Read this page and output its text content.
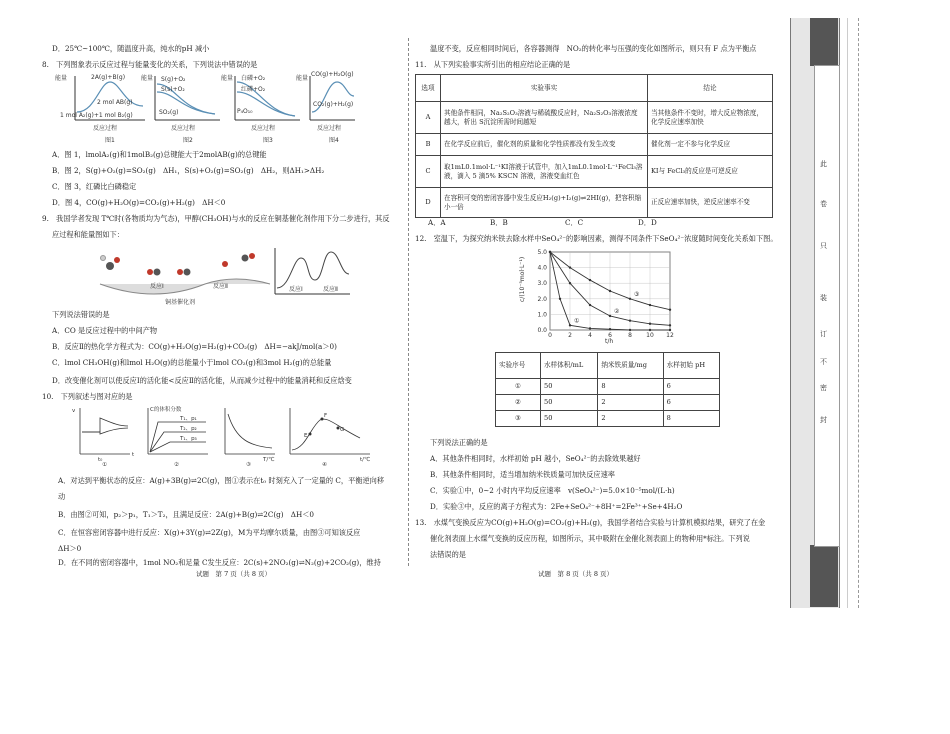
D．25℃~100℃，随温度升高，纯水的pH 减小
8.　下列图象表示反应过程与能量变化的关系，下列说法中错误的是
能量	2A(g)+B(g)
2 mol AB(g)
1 mol A₂(g)+1 mol B₂(g)
反应过程
图1
能量 S(g)+O₂
S(s)+O₂
SO₂(g)
反应过程
图2
能量 白磷+O₂
红磷+O₂
P₄O₁₀
反应过程
图3
能量
CO(g)+H₂O(g)
CO₂(g)+H₂(g)
反应过程
图4
A．图 1，lmolA₂(g)和1molB₂(g)总键能大于2molAB(g)的总键能
B．图 2，S(g)+O₂(g)=SO₂(g)　ΔH₁，S(s)+O₂(g)=SO₂(g)　ΔH₂，则ΔH₁>ΔH₂
C．图 3，红磷比白磷稳定
D．图 4，CO(g)+H₂O(g)=CO₂(g)+H₂(g)　ΔH＜0
9.　我国学者发现 T℃时(各物质均为气态)，甲醇(CH₃OH)与水的反应在铜基催化剂作用下分二步进行，其反
应过程和能量图如下：
反应Ⅰ	反应Ⅱ
铜基催化剂
反应Ⅰ	反应Ⅱ
下列说法错误的是
A．CO 是反应过程中的中间产物
B．反应Ⅱ的热化学方程式为：CO(g)+H₂O(g)=H₂(g)+CO₂(g)　ΔH=−akJ/mol(a＞0)
C．lmol CH₃OH(g)和lmol H₂O(g)的总能量小于lmol CO₂(g)和3mol H₂(g)的总能量
D．改变催化剂可以使反应Ⅰ的活化能<反应Ⅱ的活化能，从而减少过程中的能量消耗和反应焓变
10.　下列叙述与图对应的是
v
t
t₀
①
C的体积分数
T₁、p₁
T₂、p₂
T₁、p₃
②
T/℃
③
E
F
G
t/℃
④
A．对达到平衡状态的反应：A(g)+3B(g)⇌2C(g)，图①表示在t₀ 时刻充入了一定量的 C，平衡逆向移
动
B．由图②可知，p₂＞p₁，T₁＞T₂，且满足反应：2A(g)+B(g)⇌2C(g)　ΔH＜0
C．在恒容密闭容器中进行反应：X(g)+3Y(g)⇌2Z(g)，M为平均摩尔质量，由图③可知该反应
ΔH＞0
D．在不同的密闭容器中，1mol NO₂和足量 C发生反应：2C(s)+2NO₂(g)⇌N₂(g)+2CO₂(g)，维持
试题　第 7 页（共 8 页）
温度不变，反应相同时间后，各容器测得　NO₂的转化率与压强的变化如图所示，则只有 F 点为平衡点
11.　从下列实验事实所引出的相应结论正确的是
选项	实验事实	结论
A	其他条件相同，Na₂S₂O₃溶液与稀硫酸反应时，Na₂S₂O₃溶液浓度越大，析出 S沉淀所需时间越短	当其他条件不变时，增大反应物浓度，化学反应速率加快
B	在化学反应前后，催化剂的质量和化学性质都没有发生改变	催化剂一定不参与化学反应
C	取1mL0.1mol·L⁻¹KI溶液于试管中，加入1mL0.1mol·L⁻¹FeCl₃溶液，滴入 5 滴5% KSCN 溶液，溶液变血红色	KI与 FeCl₃的反应是可逆反应
D	在容积可变的密闭容器中发生反应H₂(g)+I₂(g)⇌2HI(g)，把容积缩小一倍	正反应速率加快，逆反应速率不变
A．A	B．B	C．C	D．D
12.　室温下，为探究纳米铁去除水样中SeO₄²⁻的影响因素，测得不同条件下SeO₄²⁻浓度随时间变化关系如下图。
①
②
③
0.0
1.0
2.0
3.0
4.0
5.0
0	2	4	6	8 10 12
c/(10⁻⁵mol·L⁻¹)
t/h
实验序号	水样体积/mL	纳米铁质量/mg	水样初始 pH
①	50	8	6
②	50	2	6
③	50	2	8
下列说法正确的是
A．其他条件相同时，水样初始 pH 越小，SeO₄²⁻的去除效果越好
B．其他条件相同时，适当增加纳米铁质量可加快反应速率
C．实验①中，0~2 小时内平均反应速率　v(SeO₄²⁻)=5.0×10⁻⁵mol/(L·h)
D．实验③中，反应的离子方程式为：2Fe+SeO₄²⁻+8H⁺=2Fe³⁺+Se+4H₂O
13.　水煤气变换反应为CO(g)+H₂O(g)=CO₂(g)+H₂(g)，我国学者结合实验与计算机模拟结果，研究了在金
催化剂表面上水煤气变换的反应历程，如图所示，其中吸附在金催化剂表面上的物种用*标注。下列说
法错误的是
试题　第 8 页（共 8 页）
此
卷
只
装
订
不
密
封
